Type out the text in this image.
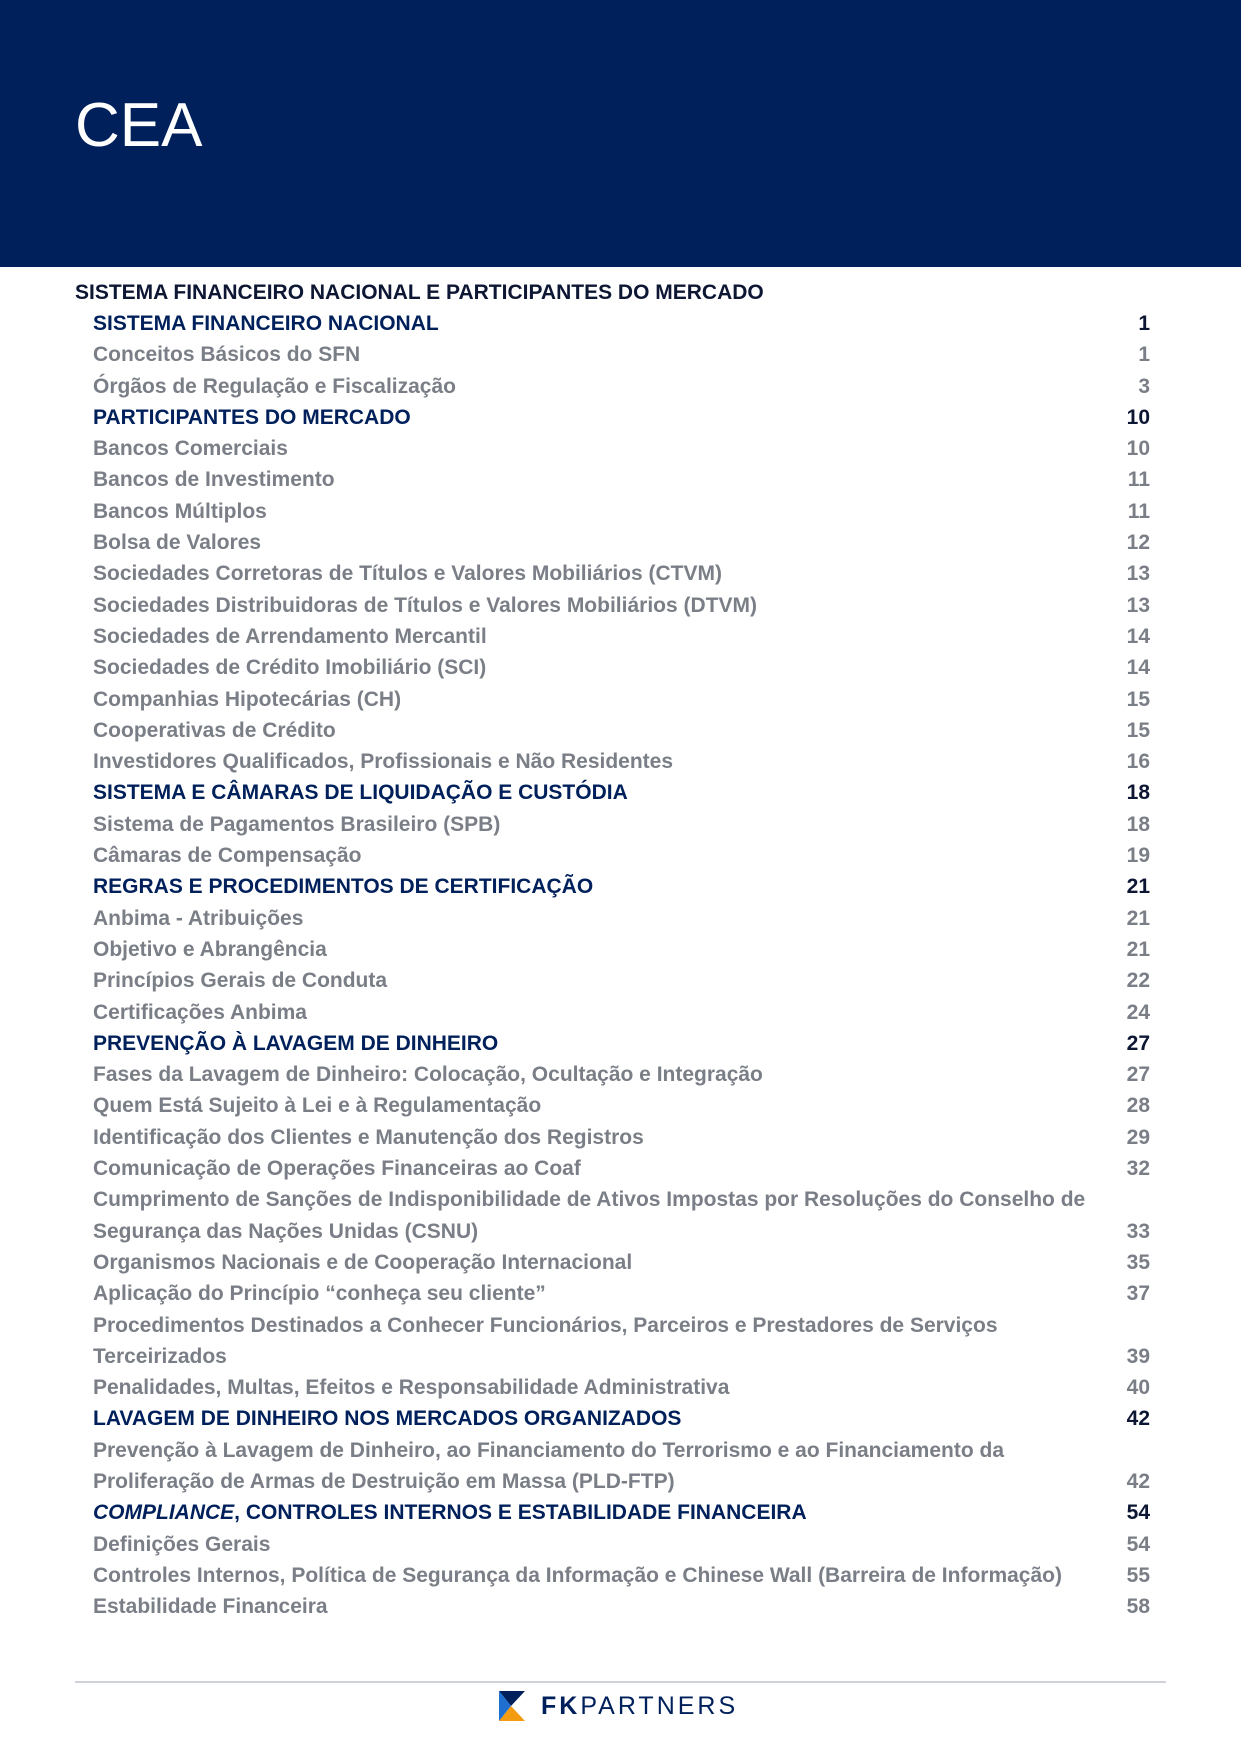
CEA
SISTEMA FINANCEIRO NACIONAL E PARTICIPANTES DO MERCADO
SISTEMA FINANCEIRO NACIONAL	1
Conceitos Básicos do SFN	1
Órgãos de Regulação e Fiscalização	3
PARTICIPANTES DO MERCADO	10
Bancos Comerciais	10
Bancos de Investimento	11
Bancos Múltiplos	11
Bolsa de Valores	12
Sociedades Corretoras de Títulos e Valores Mobiliários (CTVM)	13
Sociedades Distribuidoras de Títulos e Valores Mobiliários (DTVM)	13
Sociedades de Arrendamento Mercantil	14
Sociedades de Crédito Imobiliário (SCI)	14
Companhias Hipotecárias (CH)	15
Cooperativas de Crédito	15
Investidores Qualificados, Profissionais e Não Residentes	16
SISTEMA E CÂMARAS DE LIQUIDAÇÃO E CUSTÓDIA	18
Sistema de Pagamentos Brasileiro (SPB)	18
Câmaras de Compensação	19
REGRAS E PROCEDIMENTOS DE CERTIFICAÇÃO	21
Anbima - Atribuições	21
Objetivo e Abrangência	21
Princípios Gerais de Conduta	22
Certificações Anbima	24
PREVENÇÃO À LAVAGEM DE DINHEIRO	27
Fases da Lavagem de Dinheiro: Colocação, Ocultação e Integração	27
Quem Está Sujeito à Lei e à Regulamentação	28
Identificação dos Clientes e Manutenção dos Registros	29
Comunicação de Operações Financeiras ao Coaf	32
Cumprimento de Sanções de Indisponibilidade de Ativos Impostas por Resoluções do Conselho de Segurança das Nações Unidas (CSNU)	33
Organismos Nacionais e de Cooperação Internacional	35
Aplicação do Princípio “conheça seu cliente”	37
Procedimentos Destinados a Conhecer Funcionários, Parceiros e Prestadores de Serviços Terceirizados	39
Penalidades, Multas, Efeitos e Responsabilidade Administrativa	40
LAVAGEM DE DINHEIRO NOS MERCADOS ORGANIZADOS	42
Prevenção à Lavagem de Dinheiro, ao Financiamento do Terrorismo e ao Financiamento da Proliferação de Armas de Destruição em Massa (PLD-FTP)	42
COMPLIANCE, CONTROLES INTERNOS E ESTABILIDADE FINANCEIRA	54
Definições Gerais	54
Controles Internos, Política de Segurança da Informação e Chinese Wall (Barreira de Informação)	55
Estabilidade Financeira	58
FKPARTNERS
